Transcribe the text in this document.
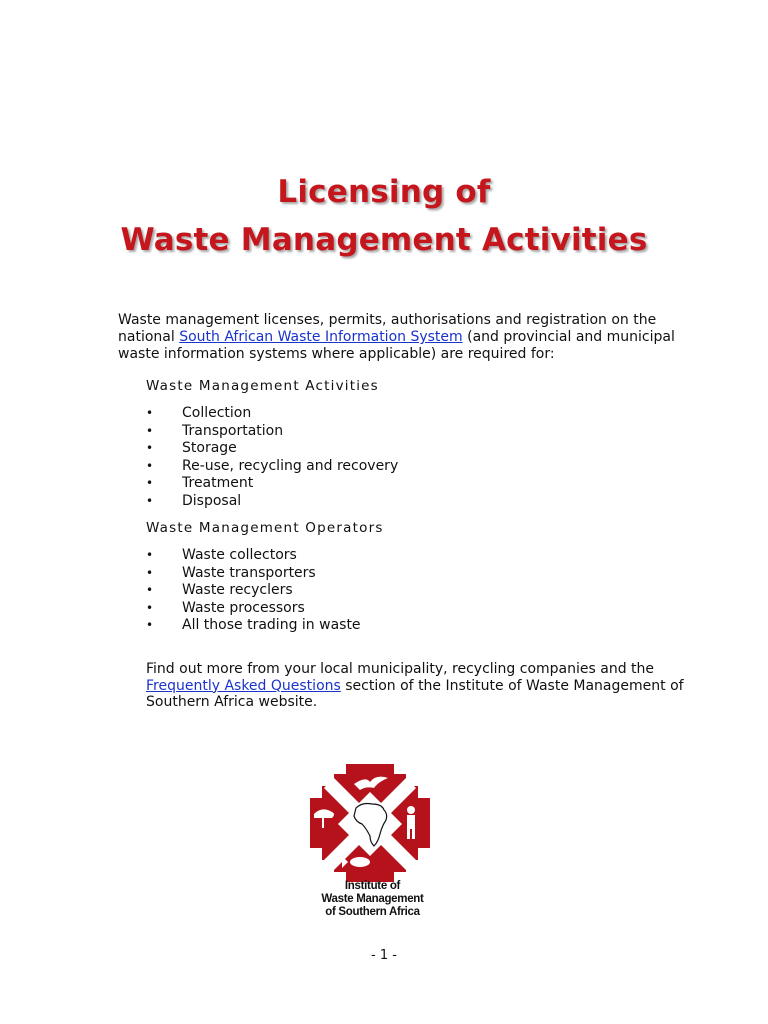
Licensing of
Waste Management Activities

Waste management licenses, permits, authorisations and registration on the national South African Waste Information System (and provincial and municipal waste information systems where applicable) are required for:

Waste Management Activities

• Collection
• Transportation
• Storage
• Re-use, recycling and recovery
• Treatment
• Disposal

Waste Management Operators

• Waste collectors
• Waste transporters
• Waste recyclers
• Waste processors
• All those trading in waste

Find out more from your local municipality, recycling companies and the Frequently Asked Questions section of the Institute of Waste Management of Southern Africa website.

Institute of
Waste Management
of Southern Africa
- 1 -
